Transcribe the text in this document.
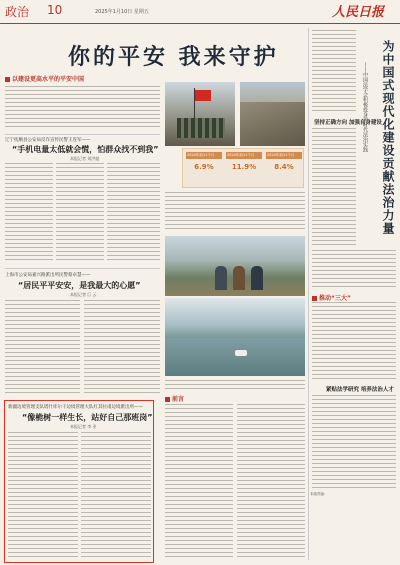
政治 10	2025年1月10日 星期五	人民日报
你的平安 我来守护
以建设更高水平的平安中国
辽宁抚顺县公安局反诈宣传民警王连军——
“手机电量太低就会慌，怕群众找不到我”
本报记者 刘洪超
上海市公安局嘉兴路派出所民警蔡卓慧——
“居民平平安安，是我最大的心愿”
本报记者 巨 云
新疆边境管理支队塔什库尔干边境管理大队红其拉甫边境派出所——
“像桅树一样生长，站好自己那班岗”
本报记者 李 亚
2024年前11个月
6.9%
2024年前11个月
11.9%
2024年前11个月
8.4%
前言
为中国式现代化建设贡献法治力量
——中国法学会积极投身新时代法治实践
坚持正确方向 加强自身建设
推动“三大”
紧贴法学研究 培养法治人才
本版责编：
